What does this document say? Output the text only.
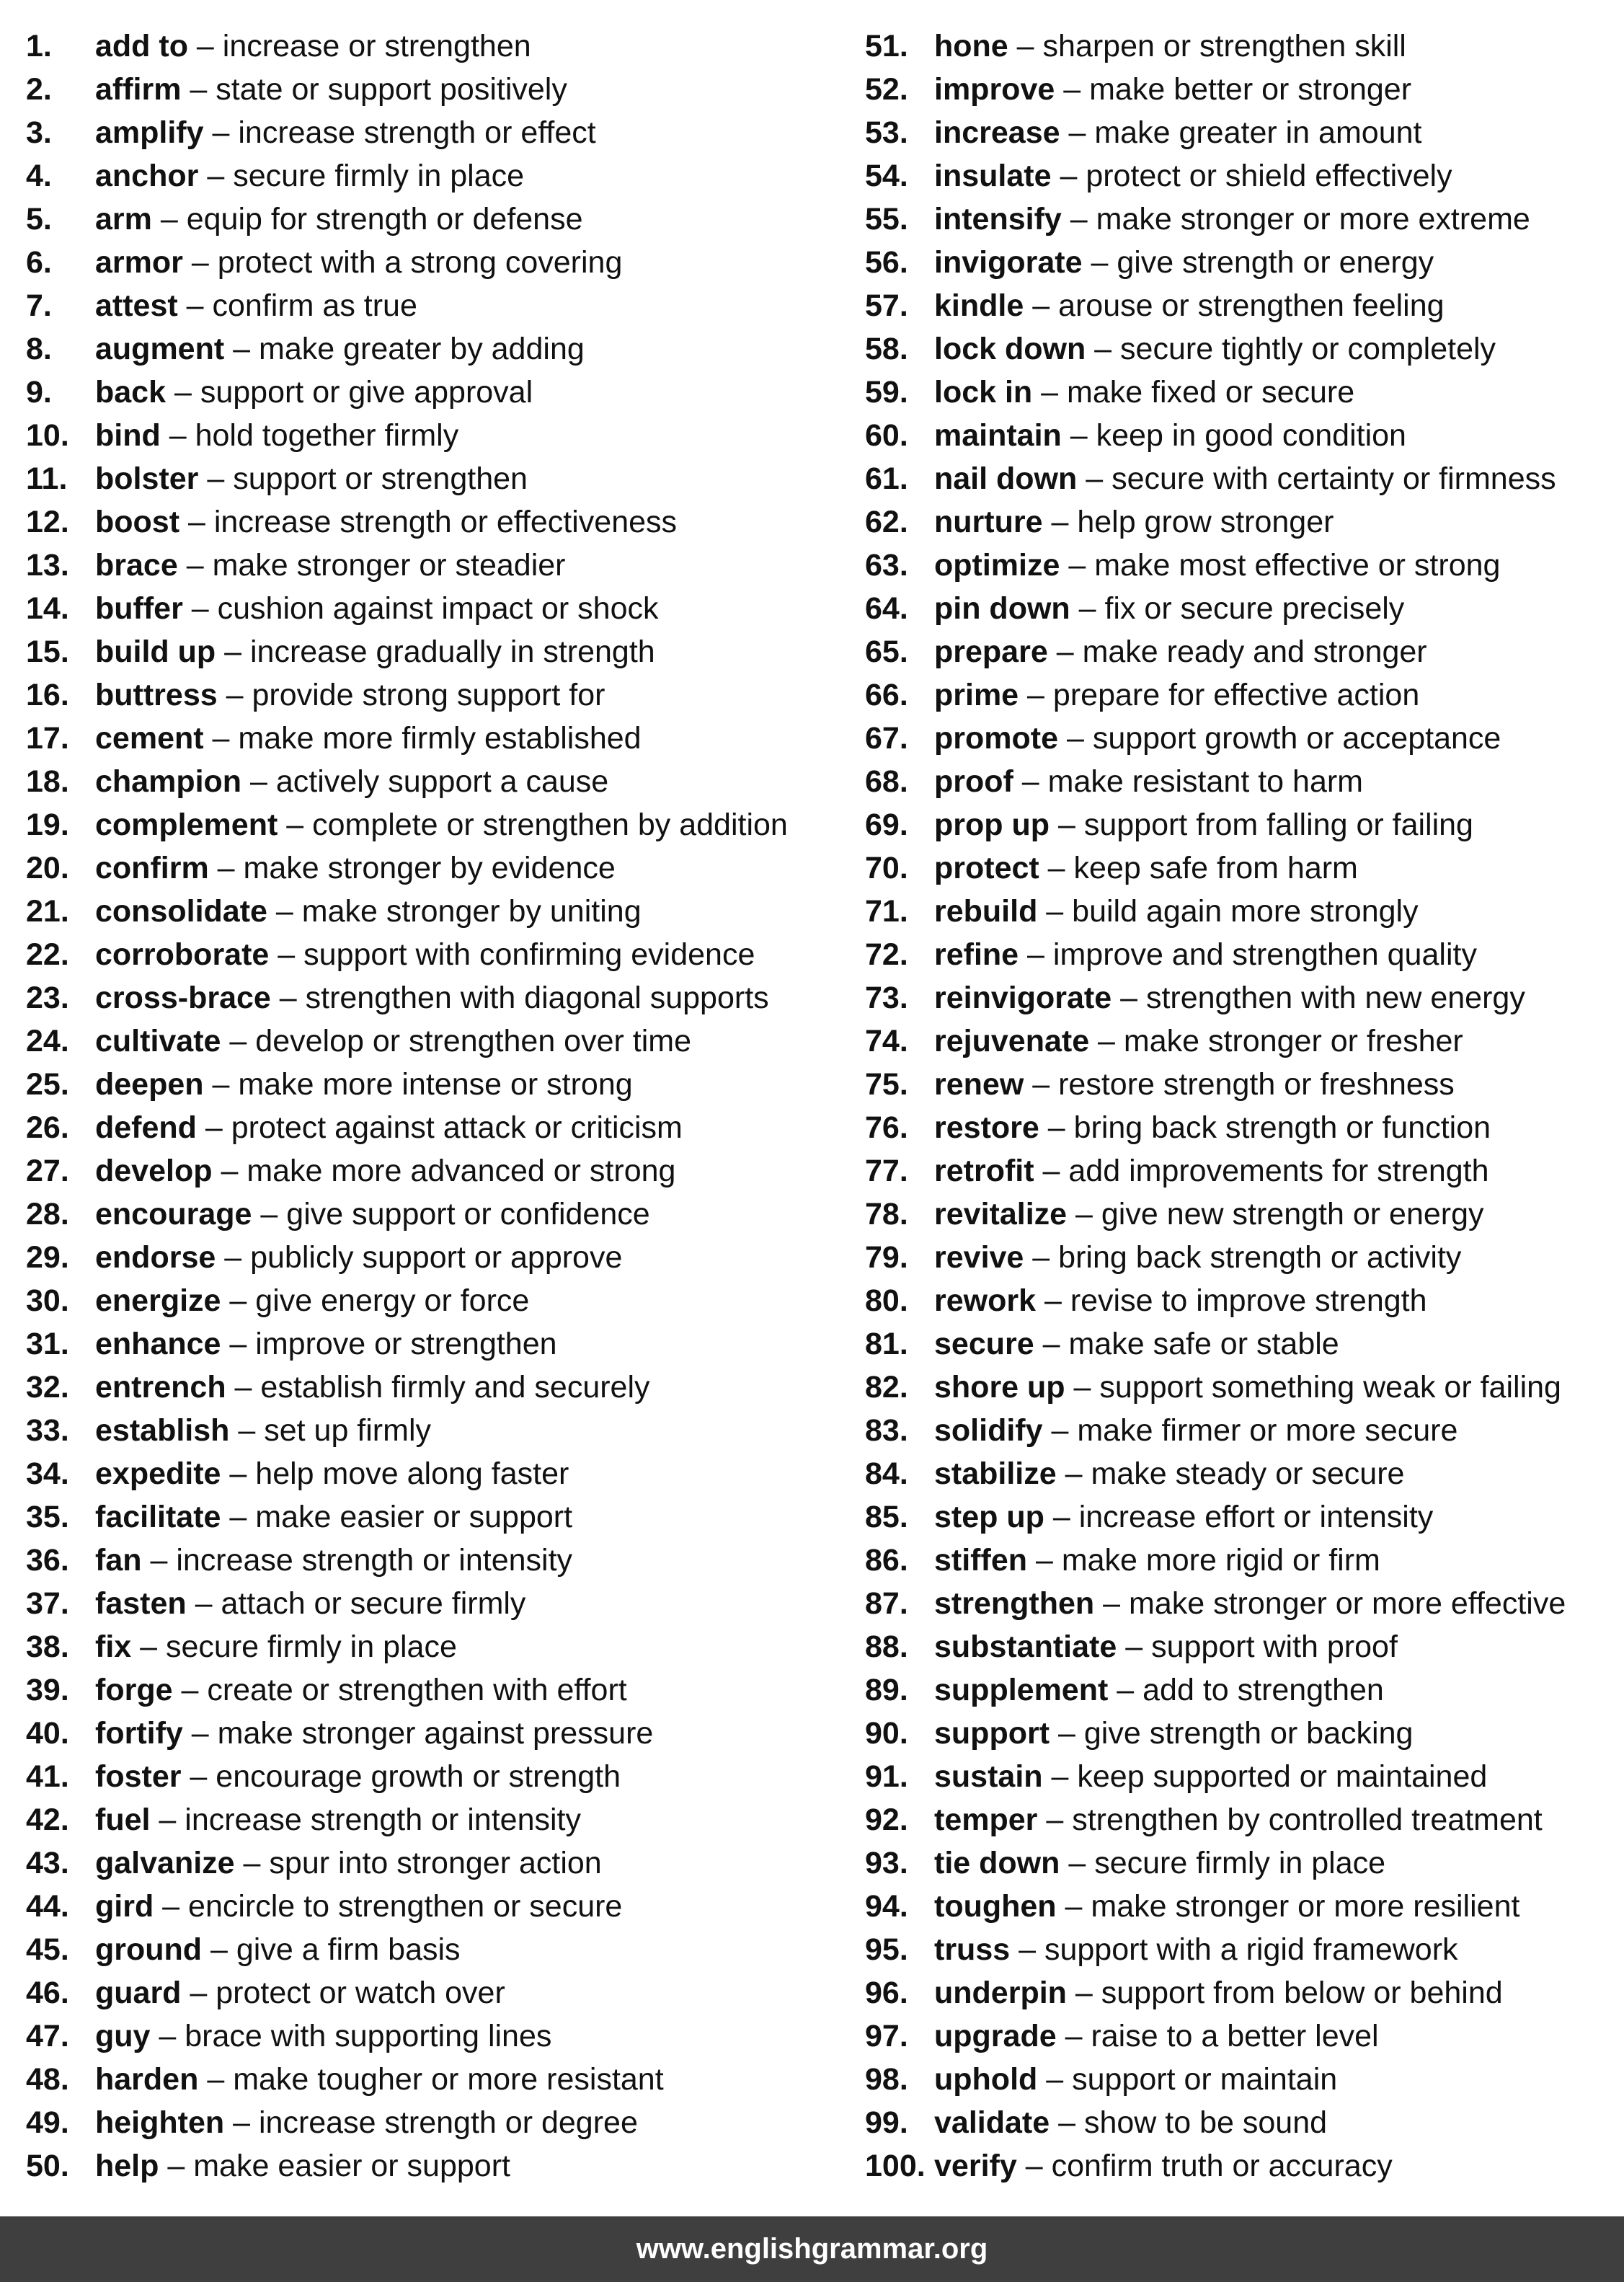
1. add to – increase or strengthen
2. affirm – state or support positively
3. amplify – increase strength or effect
4. anchor – secure firmly in place
5. arm – equip for strength or defense
6. armor – protect with a strong covering
7. attest – confirm as true
8. augment – make greater by adding
9. back – support or give approval
10. bind – hold together firmly
11. bolster – support or strengthen
12. boost – increase strength or effectiveness
13. brace – make stronger or steadier
14. buffer – cushion against impact or shock
15. build up – increase gradually in strength
16. buttress – provide strong support for
17. cement – make more firmly established
18. champion – actively support a cause
19. complement – complete or strengthen by addition
20. confirm – make stronger by evidence
21. consolidate – make stronger by uniting
22. corroborate – support with confirming evidence
23. cross-brace – strengthen with diagonal supports
24. cultivate – develop or strengthen over time
25. deepen – make more intense or strong
26. defend – protect against attack or criticism
27. develop – make more advanced or strong
28. encourage – give support or confidence
29. endorse – publicly support or approve
30. energize – give energy or force
31. enhance – improve or strengthen
32. entrench – establish firmly and securely
33. establish – set up firmly
34. expedite – help move along faster
35. facilitate – make easier or support
36. fan – increase strength or intensity
37. fasten – attach or secure firmly
38. fix – secure firmly in place
39. forge – create or strengthen with effort
40. fortify – make stronger against pressure
41. foster – encourage growth or strength
42. fuel – increase strength or intensity
43. galvanize – spur into stronger action
44. gird – encircle to strengthen or secure
45. ground – give a firm basis
46. guard – protect or watch over
47. guy – brace with supporting lines
48. harden – make tougher or more resistant
49. heighten – increase strength or degree
50. help – make easier or support
51. hone – sharpen or strengthen skill
52. improve – make better or stronger
53. increase – make greater in amount
54. insulate – protect or shield effectively
55. intensify – make stronger or more extreme
56. invigorate – give strength or energy
57. kindle – arouse or strengthen feeling
58. lock down – secure tightly or completely
59. lock in – make fixed or secure
60. maintain – keep in good condition
61. nail down – secure with certainty or firmness
62. nurture – help grow stronger
63. optimize – make most effective or strong
64. pin down – fix or secure precisely
65. prepare – make ready and stronger
66. prime – prepare for effective action
67. promote – support growth or acceptance
68. proof – make resistant to harm
69. prop up – support from falling or failing
70. protect – keep safe from harm
71. rebuild – build again more strongly
72. refine – improve and strengthen quality
73. reinvigorate – strengthen with new energy
74. rejuvenate – make stronger or fresher
75. renew – restore strength or freshness
76. restore – bring back strength or function
77. retrofit – add improvements for strength
78. revitalize – give new strength or energy
79. revive – bring back strength or activity
80. rework – revise to improve strength
81. secure – make safe or stable
82. shore up – support something weak or failing
83. solidify – make firmer or more secure
84. stabilize – make steady or secure
85. step up – increase effort or intensity
86. stiffen – make more rigid or firm
87. strengthen – make stronger or more effective
88. substantiate – support with proof
89. supplement – add to strengthen
90. support – give strength or backing
91. sustain – keep supported or maintained
92. temper – strengthen by controlled treatment
93. tie down – secure firmly in place
94. toughen – make stronger or more resilient
95. truss – support with a rigid framework
96. underpin – support from below or behind
97. upgrade – raise to a better level
98. uphold – support or maintain
99. validate – show to be sound
100. verify – confirm truth or accuracy
www.englishgrammar.org
